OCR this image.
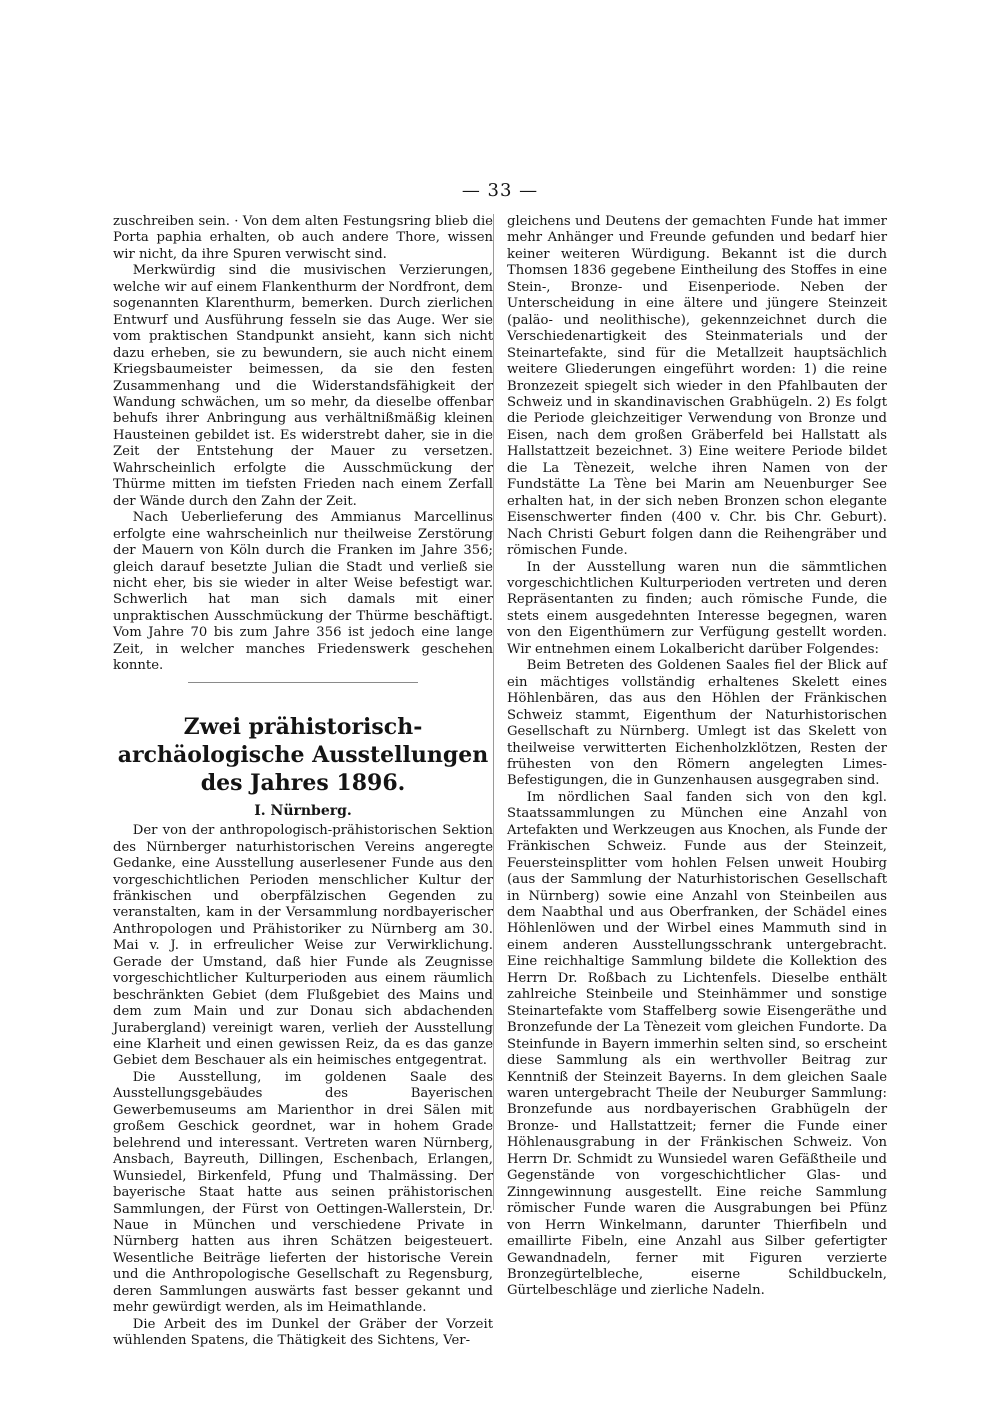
— 33 —

zuschreiben sein. · Von dem alten Festungsring blieb die Porta paphia erhalten, ob auch andere Thore, wissen wir nicht, da ihre Spuren verwischt sind.

Merkwürdig sind die musivischen Verzierungen, welche wir auf einem Flankenthurm der Nordfront, dem sogenannten Klarenthurm, bemerken. Durch zierlichen Entwurf und Ausführung fesseln sie das Auge. Wer sie vom praktischen Standpunkt ansieht, kann sich nicht dazu erheben, sie zu bewundern, sie auch nicht einem Kriegsbaumeister beimessen, da sie den festen Zusammenhang und die Widerstandsfähigkeit der Wandung schwächen, um so mehr, da dieselbe offenbar behufs ihrer Anbringung aus verhältnißmäßig kleinen Hausteinen gebildet ist. Es widerstrebt daher, sie in die Zeit der Entstehung der Mauer zu versetzen. Wahrscheinlich erfolgte die Ausschmückung der Thürme mitten im tiefsten Frieden nach einem Zerfall der Wände durch den Zahn der Zeit.

Nach Ueberlieferung des Ammianus Marcellinus erfolgte eine wahrscheinlich nur theilweise Zerstörung der Mauern von Köln durch die Franken im Jahre 356; gleich darauf besetzte Julian die Stadt und verließ sie nicht eher, bis sie wieder in alter Weise befestigt war. Schwerlich hat man sich damals mit einer unpraktischen Ausschmückung der Thürme beschäftigt. Vom Jahre 70 bis zum Jahre 356 ist jedoch eine lange Zeit, in welcher manches Friedenswerk geschehen konnte.

Zwei prähistorisch-archäologische Ausstellungen
des Jahres 1896.
I. Nürnberg.

Der von der anthropologisch-prähistorischen Sektion des Nürnberger naturhistorischen Vereins angeregte Gedanke, eine Ausstellung auserlesener Funde aus den vorgeschichtlichen Perioden menschlicher Kultur der fränkischen und oberpfälzischen Gegenden zu veranstalten, kam in der Versammlung nordbayerischer Anthropologen und Prähistoriker zu Nürnberg am 30. Mai v. J. in erfreulicher Weise zur Verwirklichung. Gerade der Umstand, daß hier Funde als Zeugnisse vorgeschichtlicher Kulturperioden aus einem räumlich beschränkten Gebiet (dem Flußgebiet des Mains und dem zum Main und zur Donau sich abdachenden Jurabergland) vereinigt waren, verlieh der Ausstellung eine Klarheit und einen gewissen Reiz, da es das ganze Gebiet dem Beschauer als ein heimisches entgegentrat.

Die Ausstellung, im goldenen Saale des Ausstellungsgebäudes des Bayerischen Gewerbemuseums am Marienthor in drei Sälen mit großem Geschick geordnet, war in hohem Grade belehrend und interessant. Vertreten waren Nürnberg, Ansbach, Bayreuth, Dillingen, Eschenbach, Erlangen, Wunsiedel, Birkenfeld, Pfung und Thalmässing. Der bayerische Staat hatte aus seinen prähistorischen Sammlungen, der Fürst von Oettingen-Wallerstein, Dr. Naue in München und verschiedene Private in Nürnberg hatten aus ihren Schätzen beigesteuert. Wesentliche Beiträge lieferten der historische Verein und die Anthropologische Gesellschaft zu Regensburg, deren Sammlungen auswärts fast besser gekannt und mehr gewürdigt werden, als im Heimathlande.

Die Arbeit des im Dunkel der Gräber der Vorzeit wühlenden Spatens, die Thätigkeit des Sichtens, Ver-

gleichens und Deutens der gemachten Funde hat immer mehr Anhänger und Freunde gefunden und bedarf hier keiner weiteren Würdigung. Bekannt ist die durch Thomsen 1836 gegebene Eintheilung des Stoffes in eine Stein-, Bronze- und Eisenperiode. Neben der Unterscheidung in eine ältere und jüngere Steinzeit (paläo- und neolithische), gekennzeichnet durch die Verschiedenartigkeit des Steinmaterials und der Steinartefakte, sind für die Metallzeit hauptsächlich weitere Gliederungen eingeführt worden: 1) die reine Bronzezeit spiegelt sich wieder in den Pfahlbauten der Schweiz und in skandinavischen Grabhügeln. 2) Es folgt die Periode gleichzeitiger Verwendung von Bronze und Eisen, nach dem großen Gräberfeld bei Hallstatt als Hallstattzeit bezeichnet. 3) Eine weitere Periode bildet die La Tènezeit, welche ihren Namen von der Fundstätte La Tène bei Marin am Neuenburger See erhalten hat, in der sich neben Bronzen schon elegante Eisenschwerter finden (400 v. Chr. bis Chr. Geburt). Nach Christi Geburt folgen dann die Reihengräber und römischen Funde.

In der Ausstellung waren nun die sämmtlichen vorgeschichtlichen Kulturperioden vertreten und deren Repräsentanten zu finden; auch römische Funde, die stets einem ausgedehnten Interesse begegnen, waren von den Eigenthümern zur Verfügung gestellt worden. Wir entnehmen einem Lokalbericht darüber Folgendes:

Beim Betreten des Goldenen Saales fiel der Blick auf ein mächtiges vollständig erhaltenes Skelett eines Höhlenbären, das aus den Höhlen der Fränkischen Schweiz stammt, Eigenthum der Naturhistorischen Gesellschaft zu Nürnberg. Umlegt ist das Skelett von theilweise verwitterten Eichenholzklötzen, Resten der frühesten von den Römern angelegten Limes-Befestigungen, die in Gunzenhausen ausgegraben sind.

Im nördlichen Saal fanden sich von den kgl. Staatssammlungen zu München eine Anzahl von Artefakten und Werkzeugen aus Knochen, als Funde der Fränkischen Schweiz. Funde aus der Steinzeit, Feuersteinsplitter vom hohlen Felsen unweit Houbirg (aus der Sammlung der Naturhistorischen Gesellschaft in Nürnberg) sowie eine Anzahl von Steinbeilen aus dem Naabthal und aus Oberfranken, der Schädel eines Höhlenlöwen und der Wirbel eines Mammuth sind in einem anderen Ausstellungsschrank untergebracht. Eine reichhaltige Sammlung bildete die Kollektion des Herrn Dr. Roßbach zu Lichtenfels. Dieselbe enthält zahlreiche Steinbeile und Steinhämmer und sonstige Steinartefakte vom Staffelberg sowie Eisengeräthe und Bronzefunde der La Tènezeit vom gleichen Fundorte. Da Steinfunde in Bayern immerhin selten sind, so erscheint diese Sammlung als ein werthvoller Beitrag zur Kenntniß der Steinzeit Bayerns. In dem gleichen Saale waren untergebracht Theile der Neuburger Sammlung: Bronzefunde aus nordbayerischen Grabhügeln der Bronze- und Hallstattzeit; ferner die Funde einer Höhlenausgrabung in der Fränkischen Schweiz. Von Herrn Dr. Schmidt zu Wunsiedel waren Gefäßtheile und Gegenstände von vorgeschichtlicher Glas- und Zinngewinnung ausgestellt. Eine reiche Sammlung römischer Funde waren die Ausgrabungen bei Pfünz von Herrn Winkelmann, darunter Thierfibeln und emaillirte Fibeln, eine Anzahl aus Silber gefertigter Gewandnadeln, ferner mit Figuren verzierte Bronzegürtelbleche, eiserne Schildbuckeln, Gürtelbeschläge und zierliche Nadeln.
